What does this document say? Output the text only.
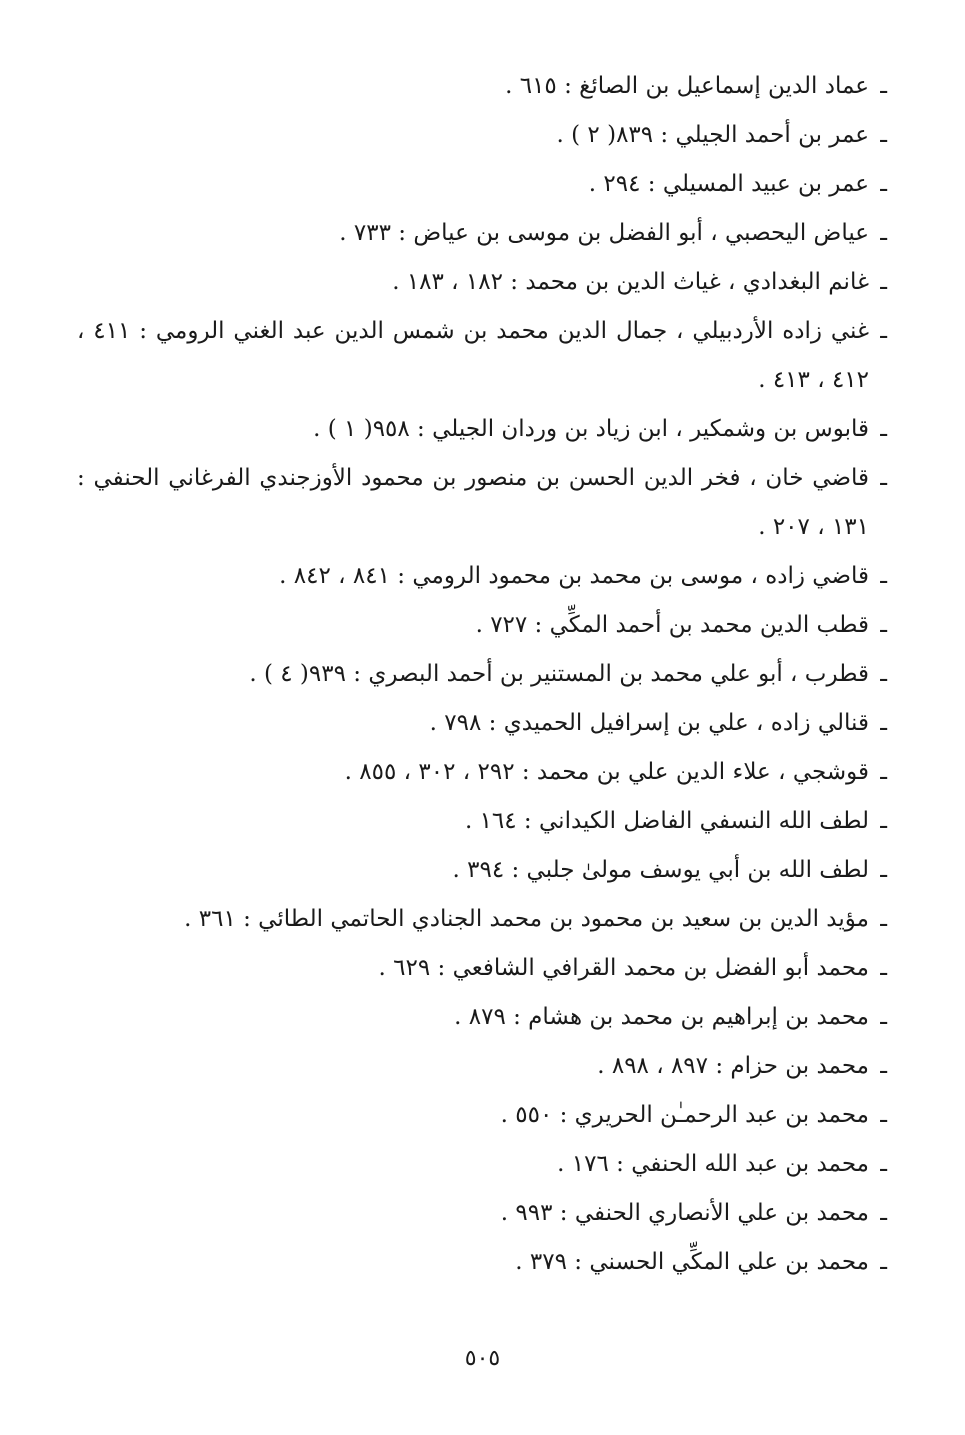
ـ
عماد الدين إسماعيل بن الصائغ : ٦١٥ .
ـ
عمر بن أحمد الجيلي : ٨٣٩( ٢ ) .
ـ
عمر بن عبيد المسيلي : ٢٩٤ .
ـ
عياض اليحصبي ، أبو الفضل بن موسى بن عياض : ٧٣٣ .
ـ
غانم البغدادي ، غياث الدين بن محمد : ١٨٢ ، ١٨٣ .
ـ
غني زاده الأردبيلي ، جمال الدين محمد بن شمس الدين عبد الغني الرومي : ٤١١ ، ٤١٢ ، ٤١٣ .
ـ
قابوس بن وشمكير ، ابن زياد بن وردان الجيلي : ٩٥٨( ١ ) .
ـ
قاضي خان ، فخر الدين الحسن بن منصور بن محمود الأوزجندي الفرغاني الحنفي : ١٣١ ، ٢٠٧ .
ـ
قاضي زاده ، موسى بن محمد بن محمود الرومي : ٨٤١ ، ٨٤٢ .
ـ
قطب الدين محمد بن أحمد المكِّي : ٧٢٧ .
ـ
قطرب ، أبو علي محمد بن المستنير بن أحمد البصري : ٩٣٩( ٤ ) .
ـ
قنالي زاده ، علي بن إسرافيل الحميدي : ٧٩٨ .
ـ
قوشجي ، علاء الدين علي بن محمد : ٢٩٢ ، ٣٠٢ ، ٨٥٥ .
ـ
لطف الله النسفي الفاضل الكيداني : ١٦٤ .
ـ
لطف الله بن أبي يوسف مولىٰ جلبي : ٣٩٤ .
ـ
مؤيد الدين بن سعيد بن محمود بن محمد الجنادي الحاتمي الطائي : ٣٦١ .
ـ
محمد أبو الفضل بن محمد القرافي الشافعي : ٦٢٩ .
ـ
محمد بن إبراهيم بن محمد بن هشام : ٨٧٩ .
ـ
محمد بن حزام : ٨٩٧ ، ٨٩٨ .
ـ
محمد بن عبد الرحمـٰن الحريري : ٥٥٠ .
ـ
محمد بن عبد الله الحنفي : ١٧٦ .
ـ
محمد بن علي الأنصاري الحنفي : ٩٩٣ .
ـ
محمد بن علي المكِّي الحسني : ٣٧٩ .
٥٠٥
